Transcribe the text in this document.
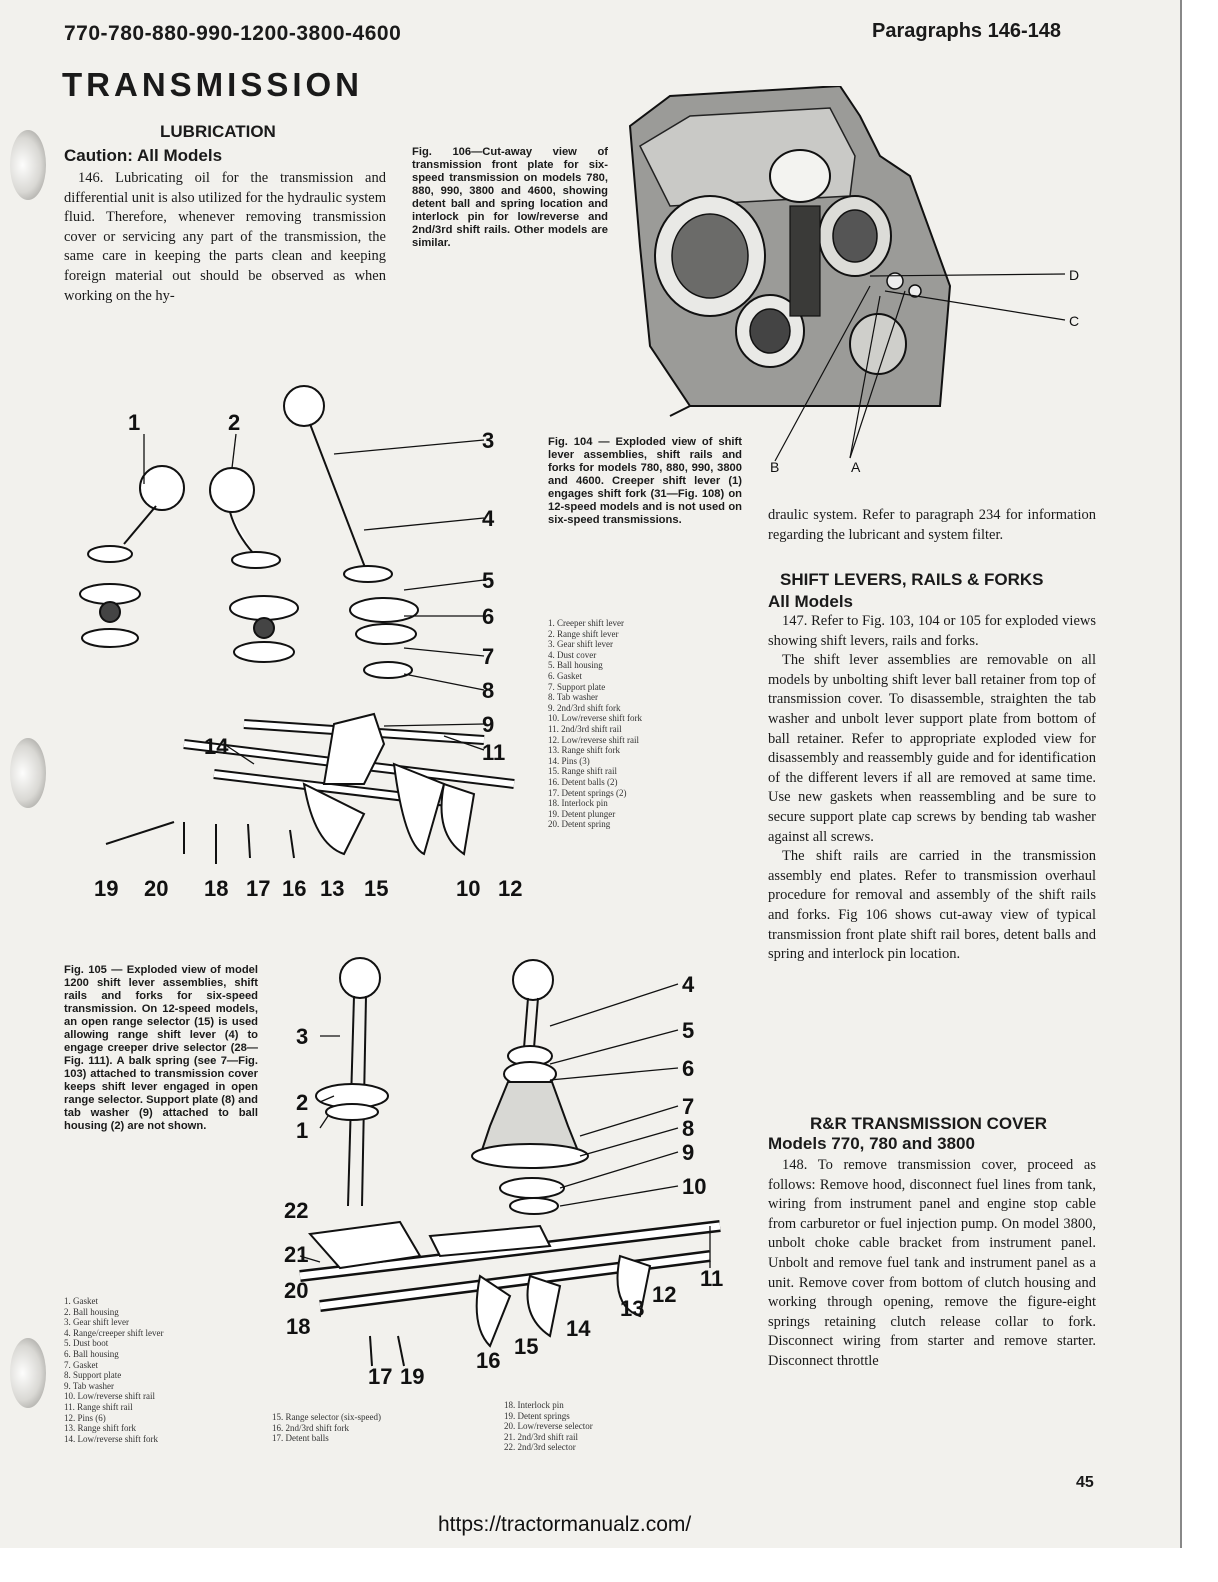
770-780-880-990-1200-3800-4600	Paragraphs 146-148
TRANSMISSION
LUBRICATION
Caution: All Models

146. Lubricating oil for the transmission and differential unit is also utilized for the hydraulic system fluid. Therefore, whenever removing transmission cover or servicing any part of the transmission, the same care in keeping the parts clean and keeping foreign material out should be observed as when working on the hy-

Fig. 106—Cut-away view of transmission front plate for six-speed transmission on models 780, 880, 990, 3800 and 4600, showing detent ball and spring location and interlock pin for low/reverse and 2nd/3rd shift rails. Other models are similar.
A
B
C
D
1	2
3
4
5
6
7
8
9
11
14
19 20 18 17 16 13 15	10 12
Fig. 104 — Exploded view of shift lever assemblies, shift rails and forks for models 780, 880, 990, 3800 and 4600. Creeper shift lever (1) engages shift fork (31—Fig. 108) on 12-speed models and is not used on six-speed transmissions.
1. Creeper shift lever
2. Range shift lever
3. Gear shift lever
4. Dust cover
5. Ball housing
6. Gasket
7. Support plate
8. Tab washer
9. 2nd/3rd shift fork
10. Low/reverse shift fork
11. 2nd/3rd shift rail
12. Low/reverse shift rail
13. Range shift fork
14. Pins (3)
15. Range shift rail
16. Detent balls (2)
17. Detent springs (2)
18. Interlock pin
19. Detent plunger
20. Detent spring

draulic system. Refer to paragraph 234 for information regarding the lubricant and system filter.

SHIFT LEVERS, RAILS & FORKS
All Models

147. Refer to Fig. 103, 104 or 105 for exploded views showing shift levers, rails and forks.

The shift lever assemblies are removable on all models by unbolting shift lever ball retainer from top of transmission cover. To disassemble, straighten the tab washer and unbolt lever support plate from bottom of ball retainer. Refer to appropriate exploded view for disassembly and reassembly guide and for identification of the different levers if all are removed at same time. Use new gaskets when reassembling and be sure to secure support plate cap screws by bending tab washer against all screws.

The shift rails are carried in the transmission assembly end plates. Refer to transmission overhaul procedure for removal and assembly of the shift rails and forks. Fig 106 shows cut-away view of typical transmission front plate shift rail bores, detent balls and spring and interlock pin location.

R&R TRANSMISSION COVER
Models 770, 780 and 3800

148. To remove transmission cover, proceed as follows: Remove hood, disconnect fuel lines from tank, wiring from instrument panel and engine stop cable from carburetor or fuel injection pump. On model 3800, unbolt choke cable bracket from instrument panel. Unbolt and remove fuel tank and instrument panel as a unit. Remove cover from bottom of clutch housing and working through opening, remove the figure-eight springs retaining clutch release collar to fork. Disconnect wiring from starter and remove starter. Disconnect throttle

Fig. 105 — Exploded view of model 1200 shift lever assemblies, shift rails and forks for six-speed transmission. On 12-speed models, an open range selector (15) is used allowing range shift lever (4) to engage creeper drive selector (28—Fig. 111). A balk spring (see 7—Fig. 103) attached to transmission cover keeps shift lever engaged in open range selector. Support plate (8) and tab washer (9) attached to ball housing (2) are not shown.
3
2
1
4
5
6
7
8
9
10
11
22
21
20
18
17 19
16
15
14
13
12
1. Gasket
2. Ball housing
3. Gear shift lever
4. Range/creeper shift lever
5. Dust boot
6. Ball housing
7. Gasket
8. Support plate
9. Tab washer
10. Low/reverse shift rail
11. Range shift rail
12. Pins (6)
13. Range shift fork
14. Low/reverse shift fork
15. Range selector (six-speed)
16. 2nd/3rd shift fork
17. Detent balls
18. Interlock pin
19. Detent springs
20. Low/reverse selector
21. 2nd/3rd shift rail
22. 2nd/3rd selector
45
https://tractormanualz.com/
